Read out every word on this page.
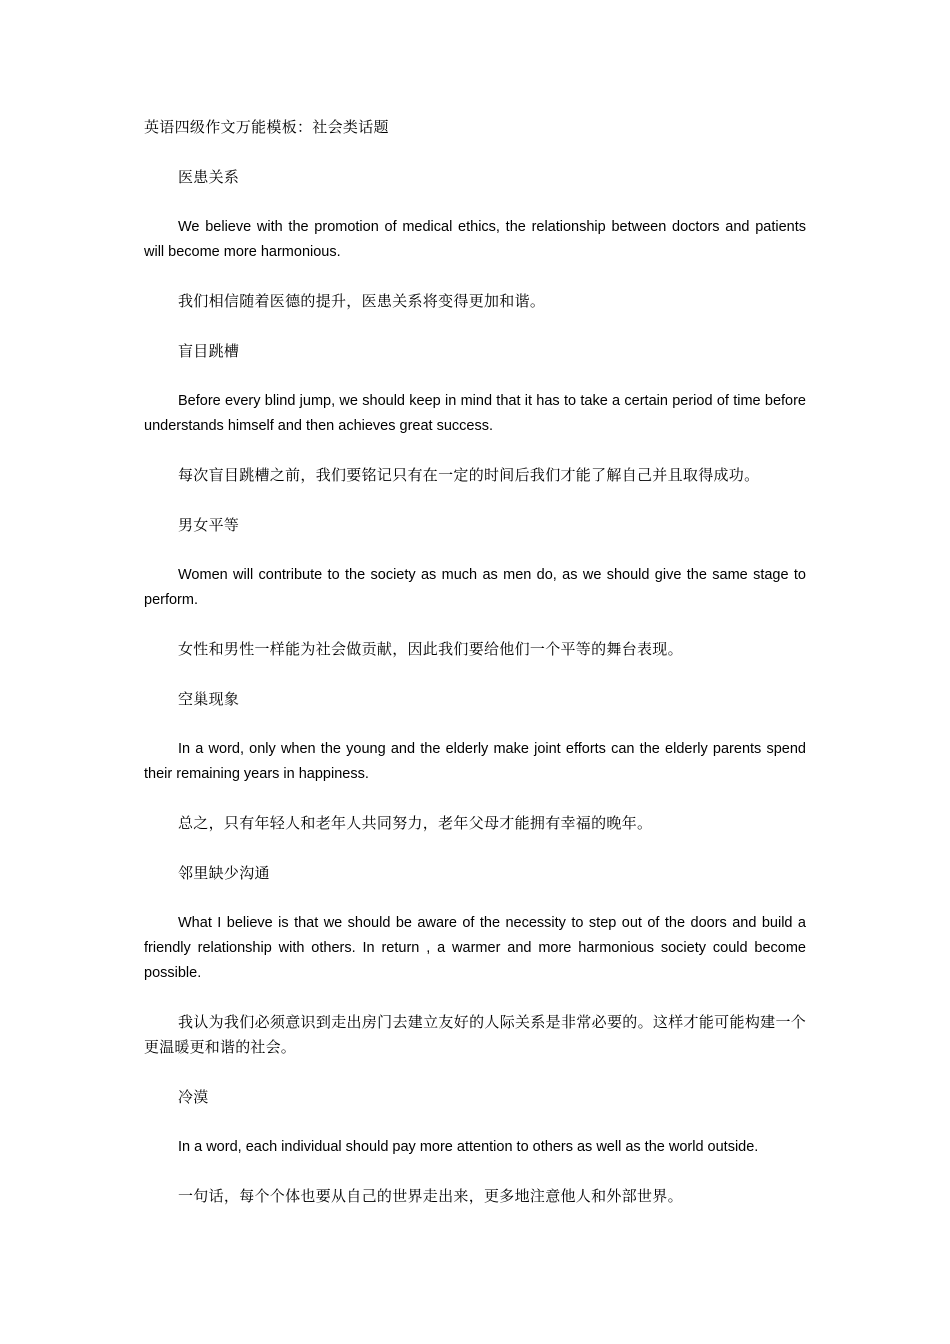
英语四级作文万能模板：社会类话题
医患关系
We believe with the promotion of medical ethics, the relationship between doctors and patients will become more harmonious.
我们相信随着医德的提升，医患关系将变得更加和谐。
盲目跳槽
Before every blind jump, we should keep in mind that it has to take a certain period of time before understands himself and then achieves great success.
每次盲目跳槽之前，我们要铭记只有在一定的时间后我们才能了解自己并且取得成功。
男女平等
Women will contribute to the society as much as men do, as we should give the same stage to perform.
女性和男性一样能为社会做贡献，因此我们要给他们一个平等的舞台表现。
空巢现象
In a word, only when the young and the elderly make joint efforts can the elderly parents spend their remaining years in happiness.
总之，只有年轻人和老年人共同努力，老年父母才能拥有幸福的晚年。
邻里缺少沟通
What I believe is that we should be aware of the necessity to step out of the doors and build a friendly relationship with others. In return , a warmer and more harmonious society could become possible.
我认为我们必须意识到走出房门去建立友好的人际关系是非常必要的。这样才能可能构建一个更温暖更和谐的社会。
冷漠
In a word, each individual should pay more attention to others as well as the world outside.
一句话，每个个体也要从自己的世界走出来，更多地注意他人和外部世界。
